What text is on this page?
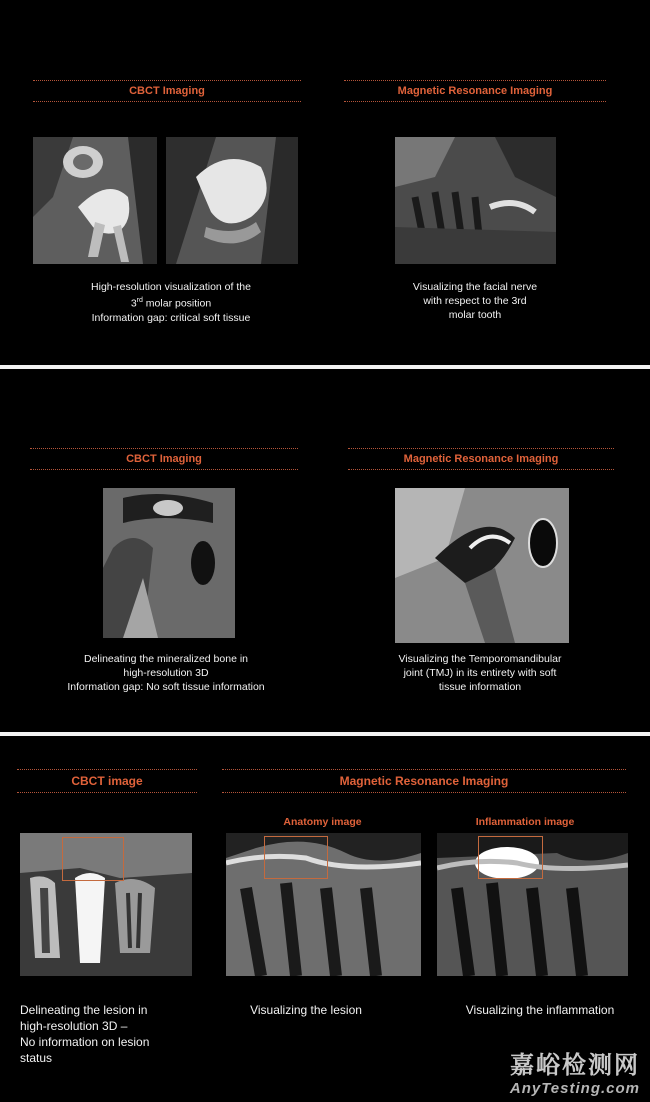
CBCT Imaging	Magnetic Resonance Imaging
High-resolution visualization of the
3rd molar position
Information gap: critical soft tissue
Visualizing the facial nerve
with respect to the 3rd
molar tooth
CBCT Imaging	Magnetic Resonance Imaging
Delineating the mineralized bone in
high-resolution 3D
Information gap: No soft tissue information
Visualizing the Temporomandibular
joint (TMJ) in its entirety with soft
tissue information
CBCT image	Magnetic Resonance Imaging
Anatomy image	Inflammation image
Delineating the lesion in
high-resolution 3D –
No information on lesion
status
Visualizing the lesion	Visualizing the inflammation
嘉峪检测网
AnyTesting.com
